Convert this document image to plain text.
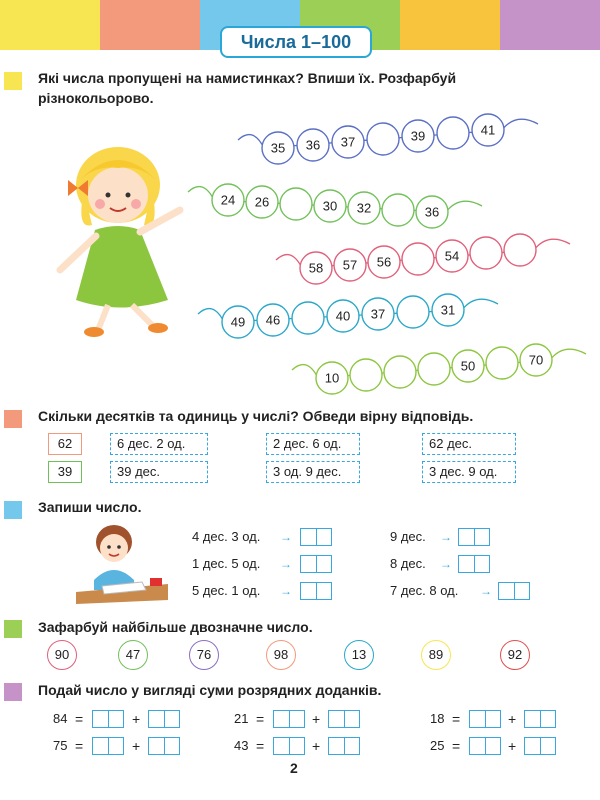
Числа 1–100
Які числа пропущені на намистинках? Впиши їх. Розфарбуй різнокольорово.
35 36 37	39	41
24 26	30 32	36
58 57 56	54
49 46	40 37	31
10
50	70
Скільки десятків та одиниць у числі? Обведи вірну відповідь.
62	6 дес. 2 од.	2 дес. 6 од.	62 дес.
39	39 дес.	3 од. 9 дес.	3 дес. 9 од.
Запиши число.
4 дес. 3 од. →
1 дес. 5 од. →
5 дес. 1 од. →
9 дес. →
8 дес. →
7 дес. 8 од. →
Зафарбуй найбільше двозначне число.
90	47	76	98	13	89	92
Подай число у вигляді суми розрядних доданків.
84 =	+	21 =	+	18 =	+
75 =	+	43 =	+	25 =	+
2
